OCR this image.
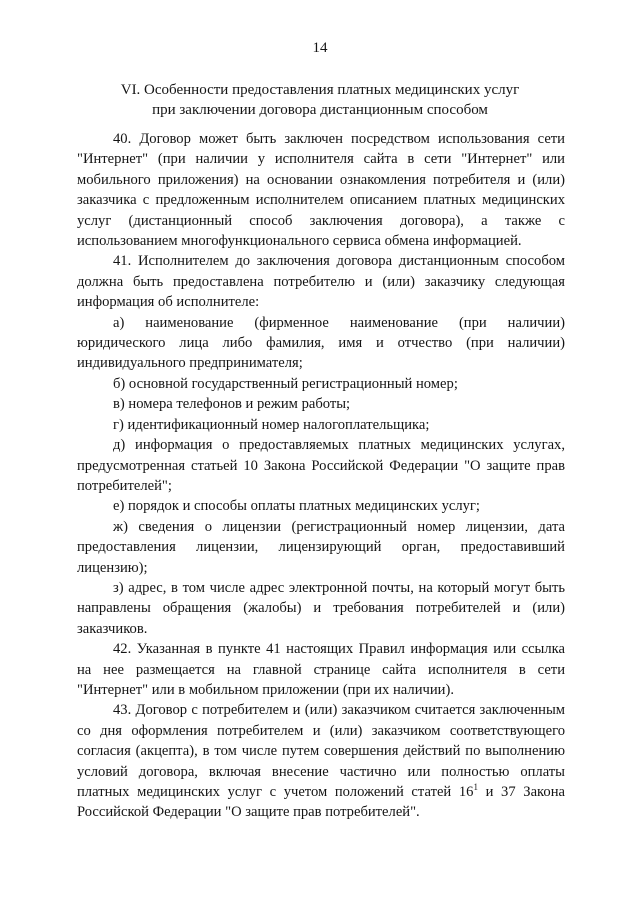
14
VI. Особенности предоставления платных медицинских услуг
при заключении договора дистанционным способом

40. Договор может быть заключен посредством использования сети "Интернет" (при наличии у исполнителя сайта в сети "Интернет" или мобильного приложения) на основании ознакомления потребителя и (или) заказчика с предложенным исполнителем описанием платных медицинских услуг (дистанционный способ заключения договора), а также с использованием многофункционального сервиса обмена информацией.

41. Исполнителем до заключения договора дистанционным способом должна быть предоставлена потребителю и (или) заказчику следующая информация об исполнителе:

а) наименование (фирменное наименование (при наличии) юридического лица либо фамилия, имя и отчество (при наличии) индивидуального предпринимателя;

б) основной государственный регистрационный номер;

в) номера телефонов и режим работы;

г) идентификационный номер налогоплательщика;

д) информация о предоставляемых платных медицинских услугах, предусмотренная статьей 10 Закона Российской Федерации "О защите прав потребителей";

е) порядок и способы оплаты платных медицинских услуг;

ж) сведения о лицензии (регистрационный номер лицензии, дата предоставления лицензии, лицензирующий орган, предоставивший лицензию);

з) адрес, в том числе адрес электронной почты, на который могут быть направлены обращения (жалобы) и требования потребителей и (или) заказчиков.

42. Указанная в пункте 41 настоящих Правил информация или ссылка на нее размещается на главной странице сайта исполнителя в сети "Интернет" или в мобильном приложении (при их наличии).

43. Договор с потребителем и (или) заказчиком считается заключенным со дня оформления потребителем и (или) заказчиком соответствующего согласия (акцепта), в том числе путем совершения действий по выполнению условий договора, включая внесение частично или полностью оплаты платных медицинских услуг с учетом положений статей $16^1$ и 37 Закона Российской Федерации "О защите прав потребителей".
